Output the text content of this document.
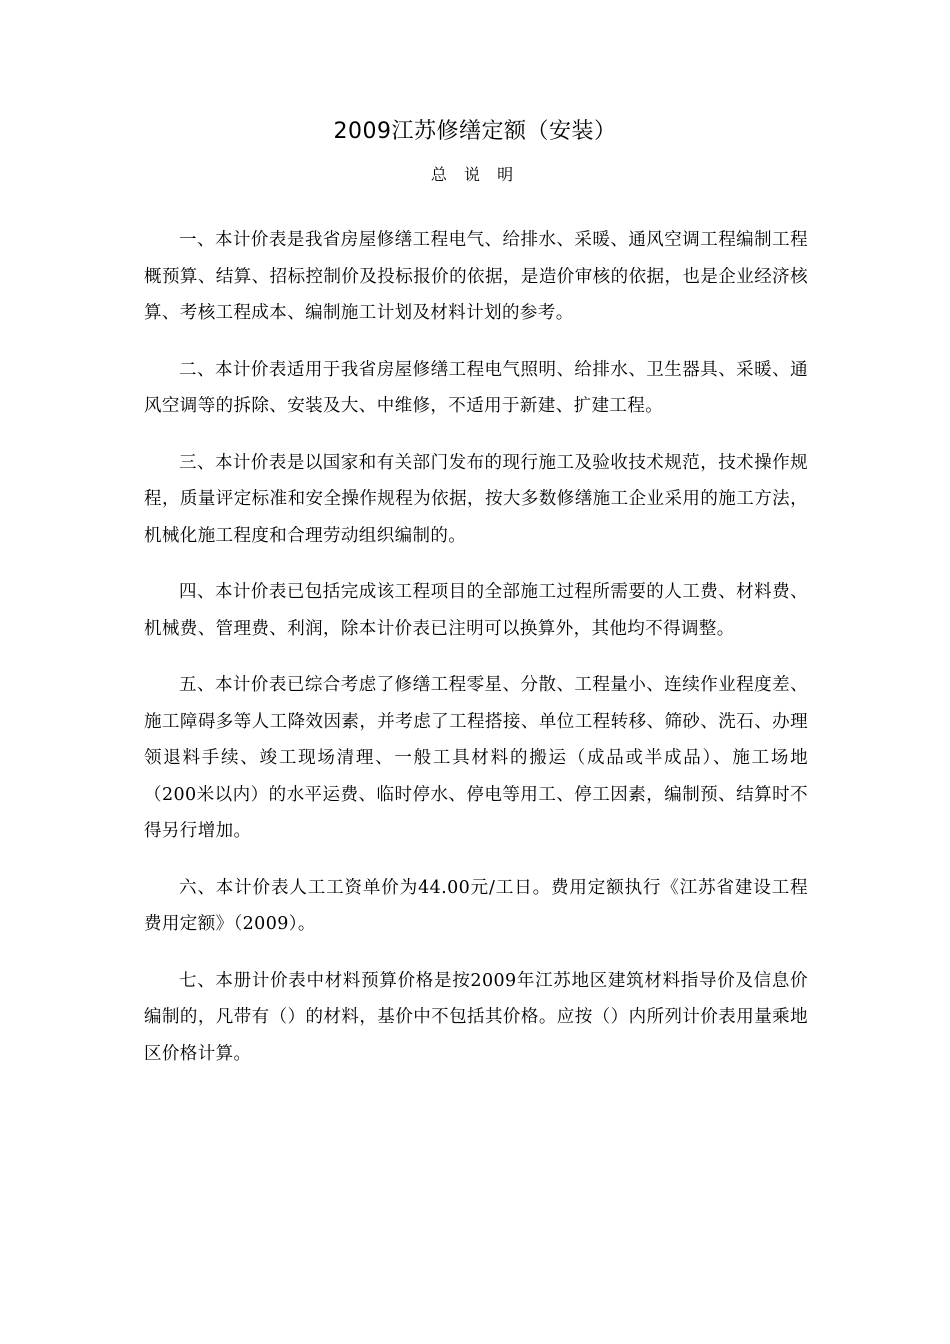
2009江苏修缮定额（安装）
总 说 明

一、本计价表是我省房屋修缮工程电气、给排水、采暖、通风空调工程编制工程概预算、结算、招标控制价及投标报价的依据，是造价审核的依据，也是企业经济核算、考核工程成本、编制施工计划及材料计划的参考。

二、本计价表适用于我省房屋修缮工程电气照明、给排水、卫生器具、采暖、通风空调等的拆除、安装及大、中维修，不适用于新建、扩建工程。

三、本计价表是以国家和有关部门发布的现行施工及验收技术规范，技术操作规程，质量评定标准和安全操作规程为依据，按大多数修缮施工企业采用的施工方法，机械化施工程度和合理劳动组织编制的。

四、本计价表已包括完成该工程项目的全部施工过程所需要的人工费、材料费、机械费、管理费、利润，除本计价表已注明可以换算外，其他均不得调整。

五、本计价表已综合考虑了修缮工程零星、分散、工程量小、连续作业程度差、施工障碍多等人工降效因素，并考虑了工程搭接、单位工程转移、筛砂、洗石、办理领退料手续、竣工现场清理、一般工具材料的搬运（成品或半成品）、施工场地（200米以内）的水平运费、临时停水、停电等用工、停工因素，编制预、结算时不得另行增加。

六、本计价表人工工资单价为44.00元/工日。费用定额执行《江苏省建设工程费用定额》（2009）。

七、本册计价表中材料预算价格是按2009年江苏地区建筑材料指导价及信息价编制的，凡带有（）的材料，基价中不包括其价格。应按（）内所列计价表用量乘地区价格计算。
